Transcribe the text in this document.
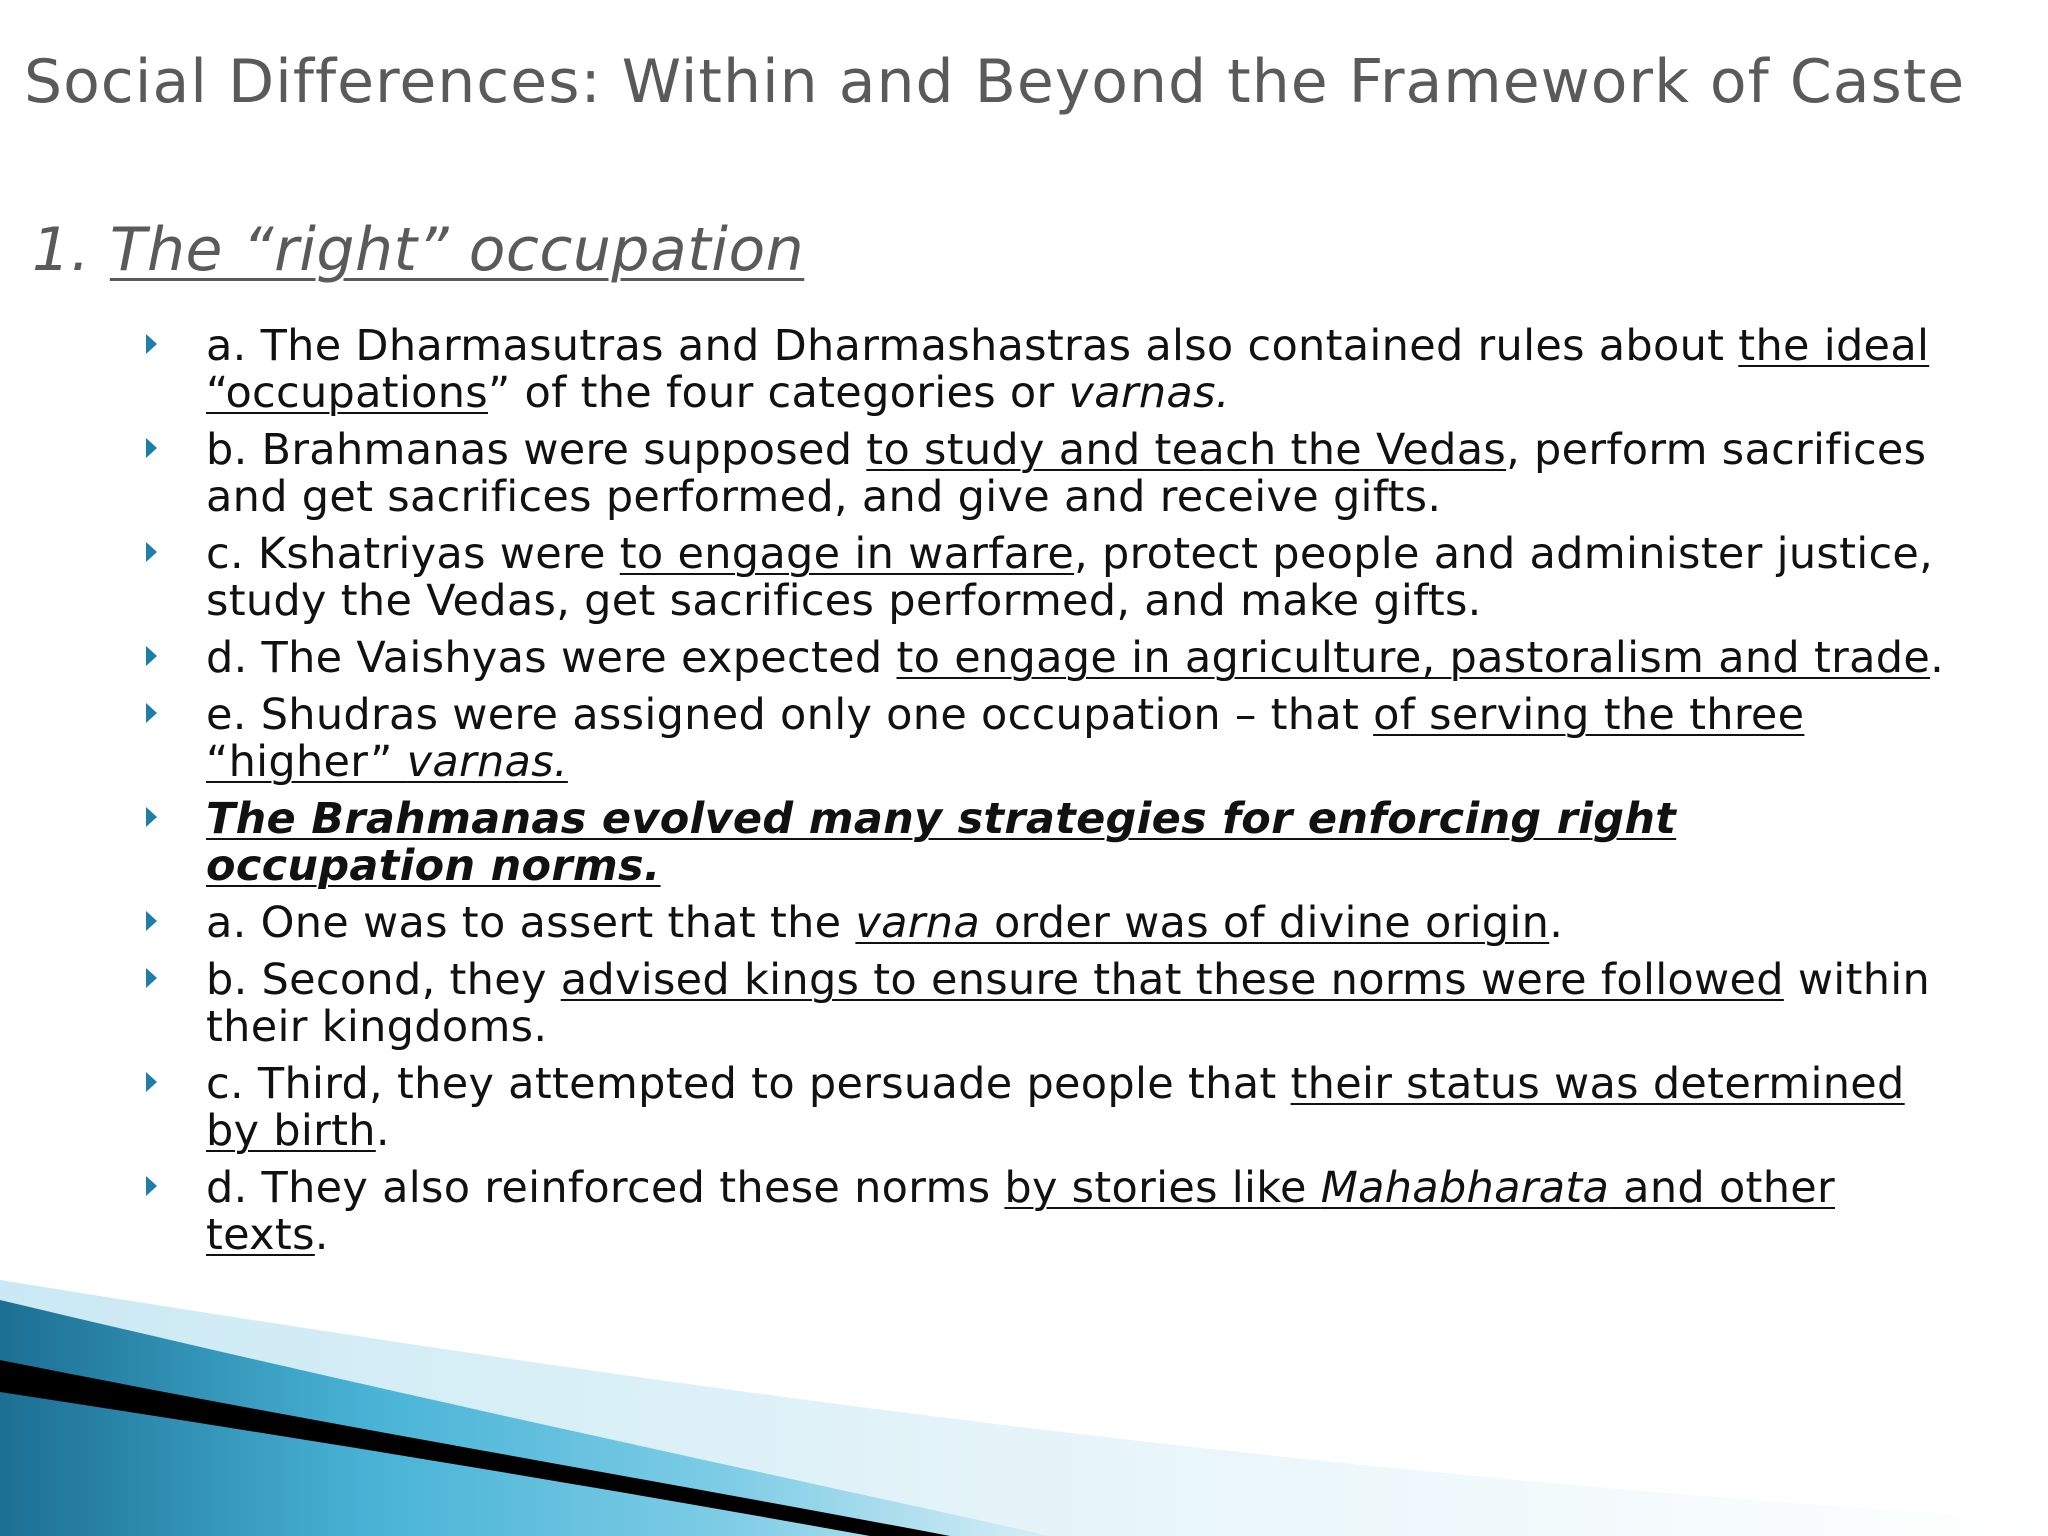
Social Differences: Within and Beyond the Framework of Caste
1. The “right” occupation
a. The Dharmasutras and Dharmashastras also contained rules about the ideal “occupations” of the four categories or varnas.
b. Brahmanas were supposed to study and teach the Vedas, perform sacrifices and get sacrifices performed, and give and receive gifts.
c. Kshatriyas were to engage in warfare, protect people and administer justice, study the Vedas, get sacrifices performed, and make gifts.
d. The Vaishyas were expected to engage in agriculture, pastoralism and trade.
e. Shudras were assigned only one occupation – that of serving the three “higher” varnas.
The Brahmanas evolved many strategies for enforcing right occupation norms.
a. One was to assert that the varna order was of divine origin.
b. Second, they advised kings to ensure that these norms were followed within their kingdoms.
c. Third, they attempted to persuade people that their status was determined by birth.
d. They also reinforced these norms by stories like Mahabharata and other texts.
